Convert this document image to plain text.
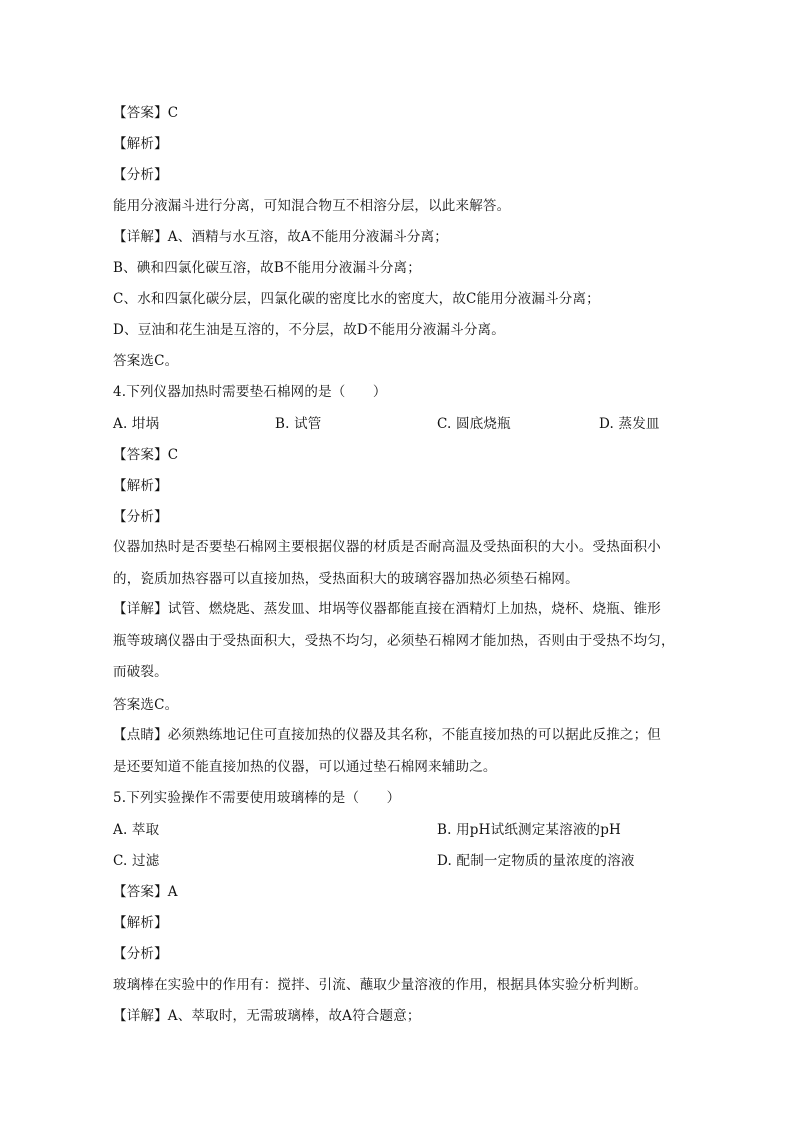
【答案】C
【解析】
【分析】
能用分液漏斗进行分离，可知混合物互不相溶分层，以此来解答。
【详解】A、酒精与水互溶，故A不能用分液漏斗分离；
B、碘和四氯化碳互溶，故B不能用分液漏斗分离；
C、水和四氯化碳分层，四氯化碳的密度比水的密度大，故C能用分液漏斗分离；
D、豆油和花生油是互溶的，不分层，故D不能用分液漏斗分离。
答案选C。
4.下列仪器加热时需要垫石棉网的是（　　）
A. 坩埚	B. 试管	C. 圆底烧瓶	D. 蒸发皿
【答案】C
【解析】
【分析】
仪器加热时是否要垫石棉网主要根据仪器的材质是否耐高温及受热面积的大小。受热面积小
的，瓷质加热容器可以直接加热，受热面积大的玻璃容器加热必须垫石棉网。
【详解】试管、燃烧匙、蒸发皿、坩埚等仪器都能直接在酒精灯上加热，烧杯、烧瓶、锥形
瓶等玻璃仪器由于受热面积大，受热不均匀，必须垫石棉网才能加热，否则由于受热不均匀，
而破裂。
答案选C。
【点睛】必须熟练地记住可直接加热的仪器及其名称，不能直接加热的可以据此反推之；但
是还要知道不能直接加热的仪器，可以通过垫石棉网来辅助之。
5.下列实验操作不需要使用玻璃棒的是（　　）
A. 萃取	B. 用pH试纸测定某溶液的pH
C. 过滤	D. 配制一定物质的量浓度的溶液
【答案】A
【解析】
【分析】
玻璃棒在实验中的作用有：搅拌、引流、蘸取少量溶液的作用，根据具体实验分析判断。
【详解】A、萃取时，无需玻璃棒，故A符合题意；
